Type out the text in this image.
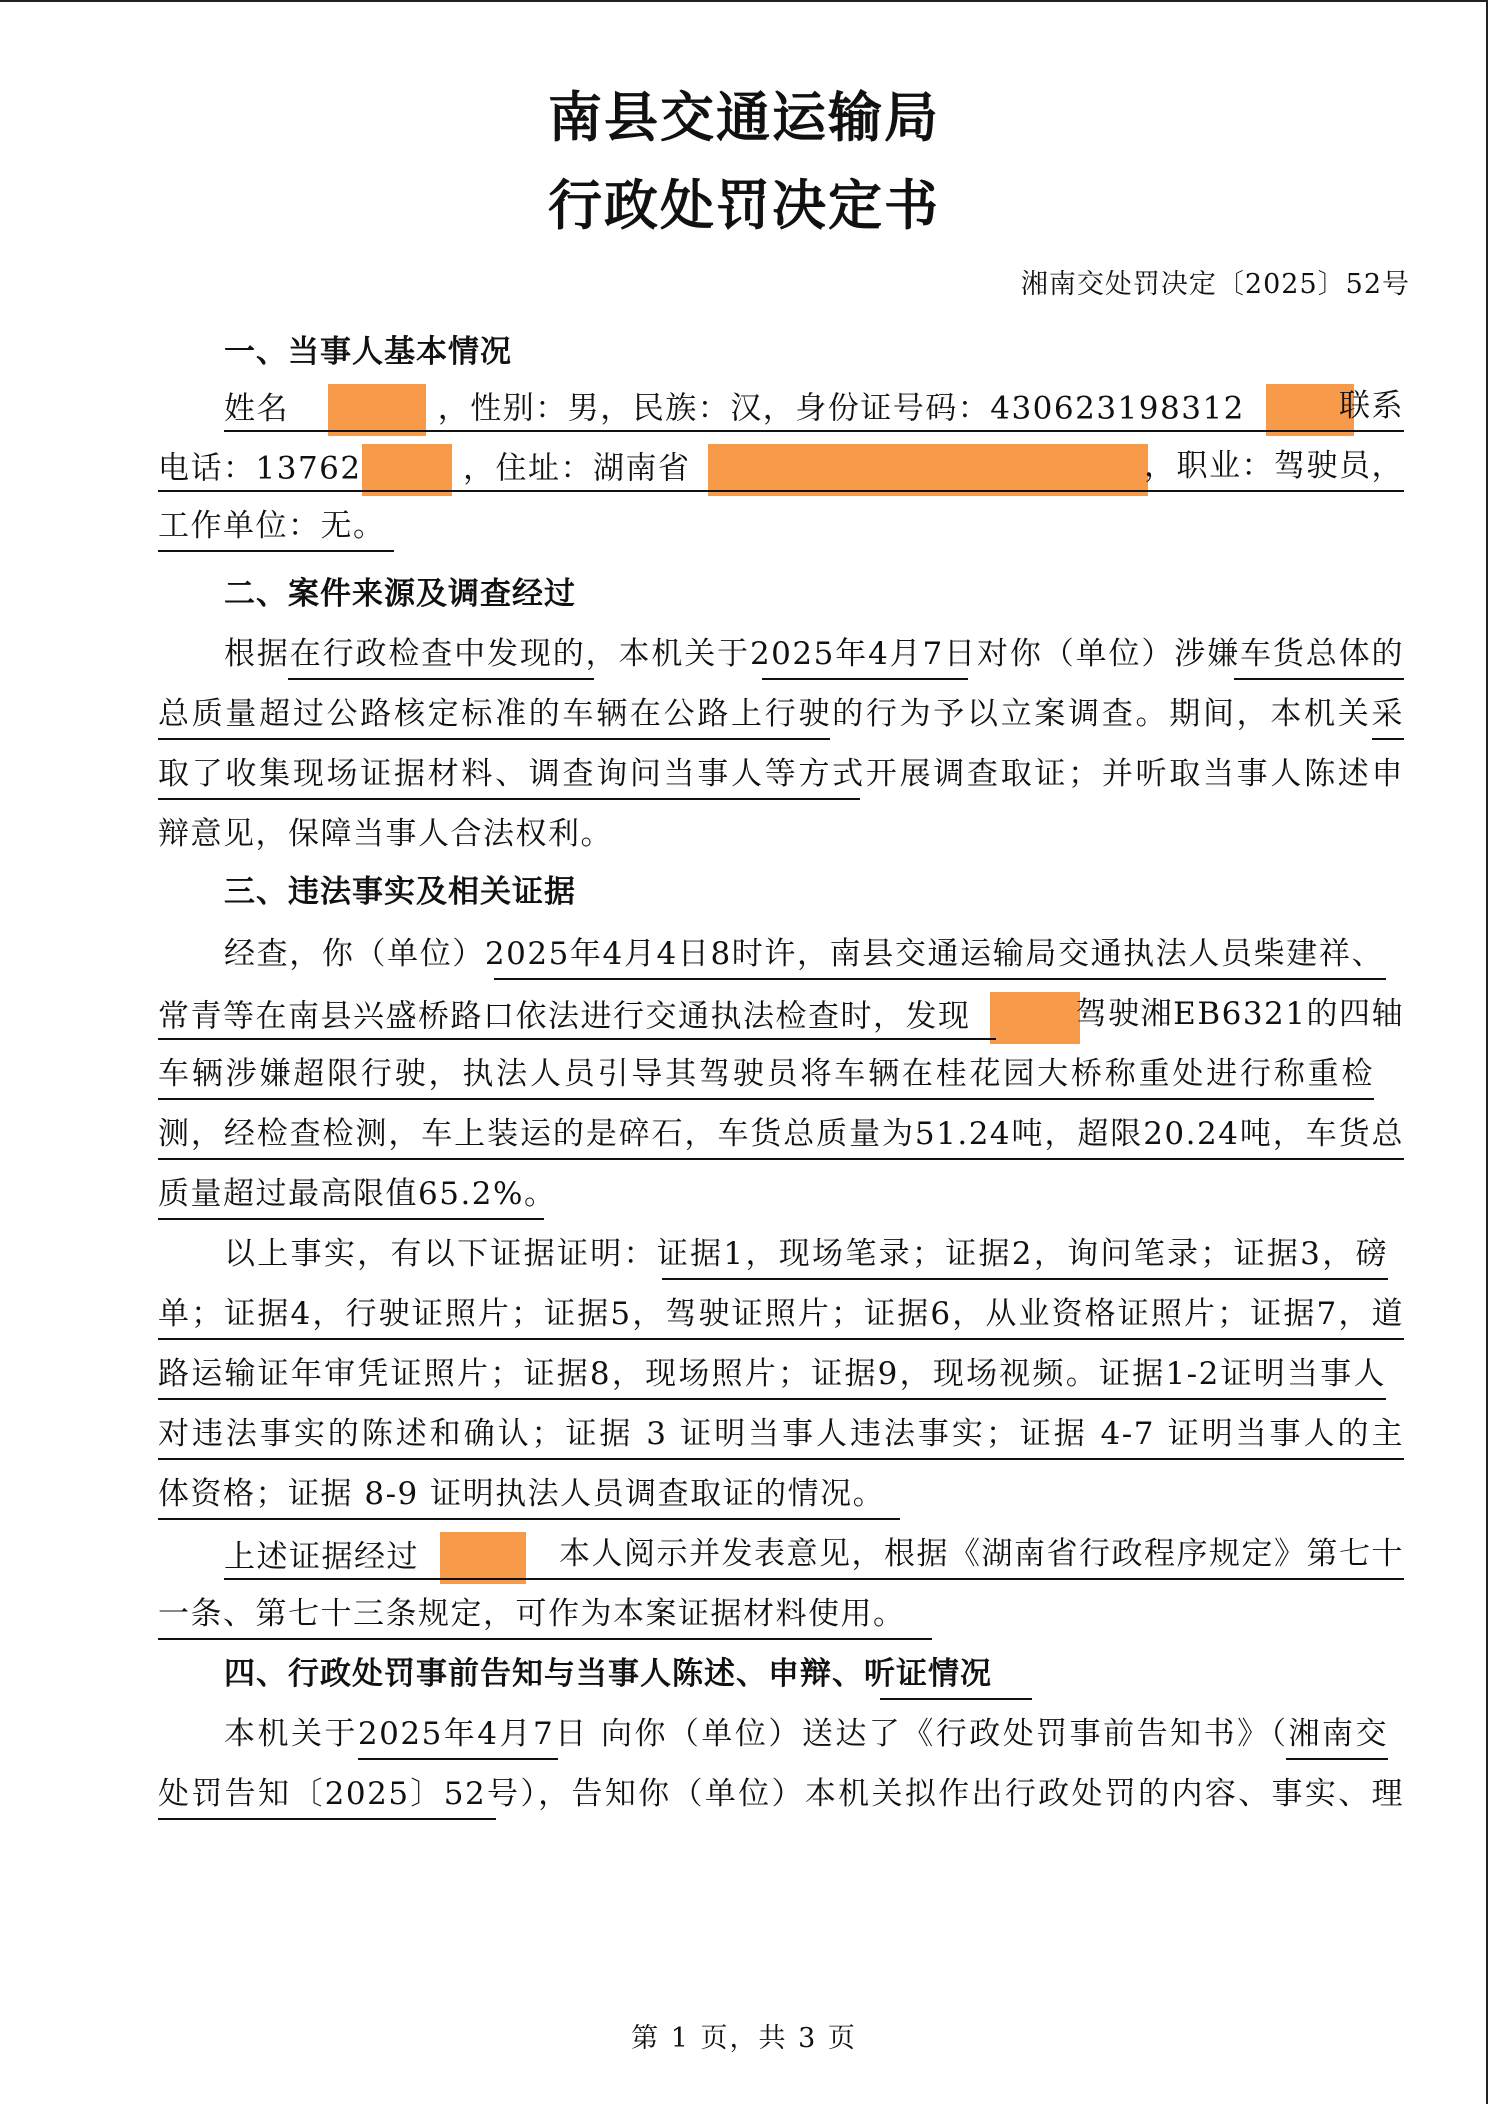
南县交通运输局
行政处罚决定书
湘南交处罚决定〔2025〕52号
一、当事人基本情况
姓名	，性别：男，民族：汉，身份证号码：430623198312	联系
电话：13762	，住址：湖南省	，职业：驾驶员，
工作单位：无。
二、案件来源及调查经过
根据在行政检查中发现的，本机关于2025年4月7日对你（单位）涉嫌车货总体的
总质量超过公路核定标准的车辆在公路上行驶的行为予以立案调查。期间，本机关采
取了收集现场证据材料、调查询问当事人等方式开展调查取证；并听取当事人陈述申
辩意见，保障当事人合法权利。
三、违法事实及相关证据
经查，你（单位）2025年4月4日8时许，南县交通运输局交通执法人员柴建祥、
常青等在南县兴盛桥路口依法进行交通执法检查时，发现	驾驶湘EB6321的四轴
车辆涉嫌超限行驶，执法人员引导其驾驶员将车辆在桂花园大桥称重处进行称重检
测，经检查检测，车上装运的是碎石，车货总质量为51.24吨，超限20.24吨，车货总
质量超过最高限值65.2%。
以上事实，有以下证据证明：证据1，现场笔录；证据2，询问笔录；证据3，磅
单；证据4，行驶证照片；证据5，驾驶证照片；证据6，从业资格证照片；证据7，道
路运输证年审凭证照片；证据8，现场照片；证据9，现场视频。证据1-2证明当事人
对违法事实的陈述和确认；证据 3 证明当事人违法事实；证据 4-7 证明当事人的主
体资格；证据 8-9 证明执法人员调查取证的情况。
上述证据经过	本人阅示并发表意见，根据《湖南省行政程序规定》第七十
一条、第七十三条规定，可作为本案证据材料使用。
四、行政处罚事前告知与当事人陈述、申辩、听证情况
本机关于2025年4月7日 向你（单位）送达了《行政处罚事前告知书》（湘南交
处罚告知〔2025〕52号），告知你（单位）本机关拟作出行政处罚的内容、事实、理
第 1 页，共 3 页
